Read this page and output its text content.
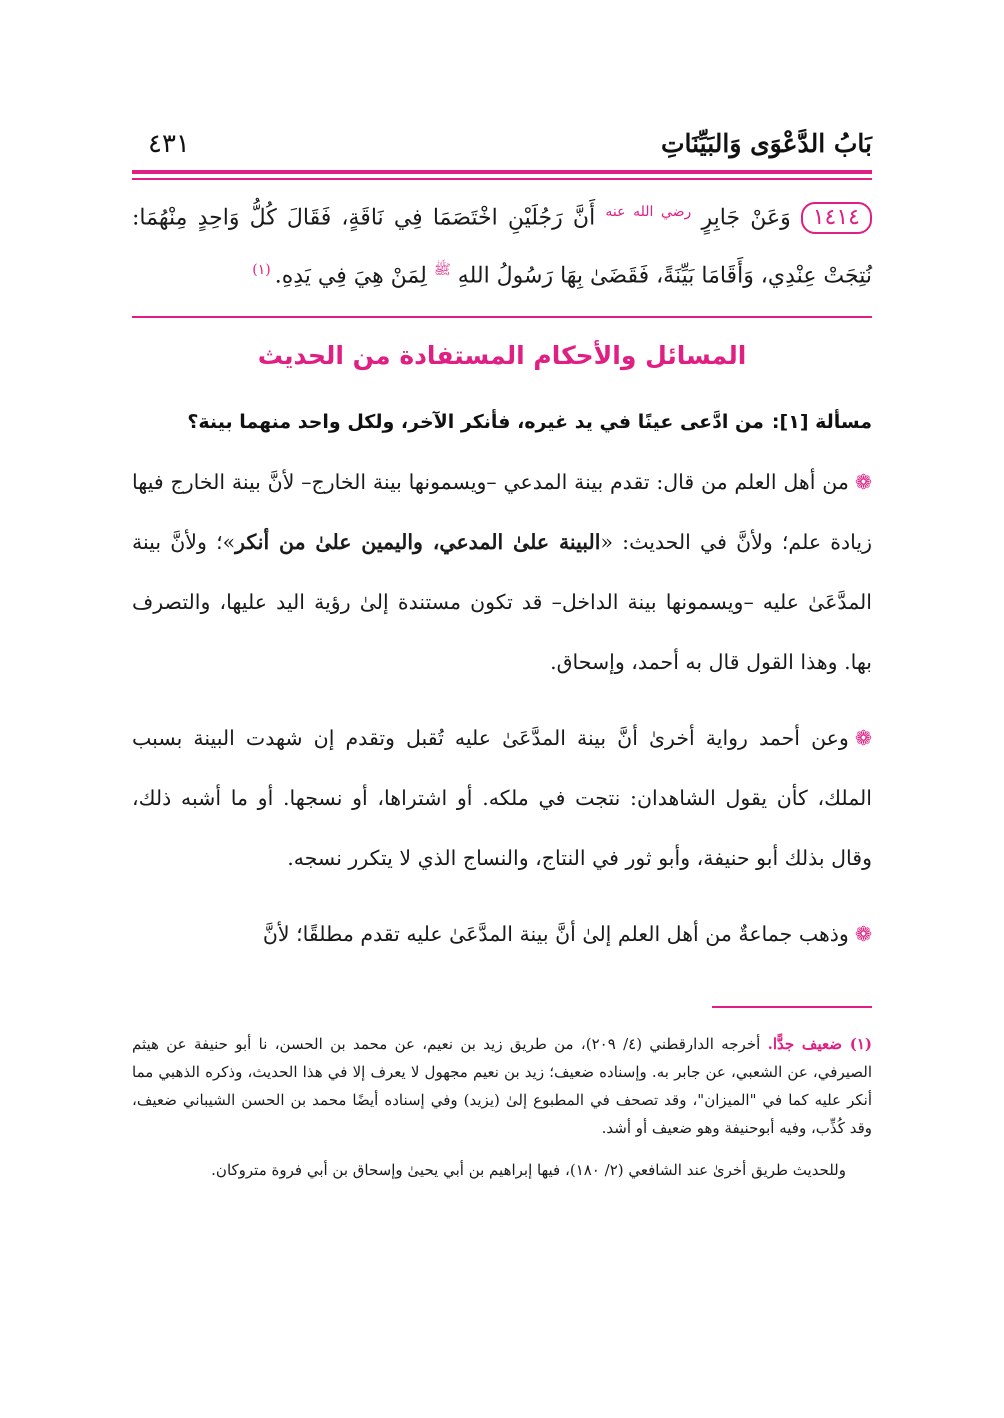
بَابُ الدَّعْوَى وَالبَيِّنَاتِ
٤٣١
١٤١٤وَعَنْ جَابِرٍ $^{رضي الله عنه}$ أَنَّ رَجُلَيْنِ اخْتَصَمَا فِي نَاقَةٍ، فَقَالَ كُلُّ وَاحِدٍ مِنْهُمَا: نُتِجَتْ عِنْدِي، وَأَقَامَا بَيِّنَةً، فَقَضَىٰ بِهَا رَسُولُ اللهِ $^ﷺ$ لِمَنْ هِيَ فِي يَدِهِ.$^{(١)}$
المسائل والأحكام المستفادة من الحديث
مسألة [١]:من ادَّعى عينًا في يد غيره، فأنكر الآخر، ولكل واحد منهما بينة؟

❁من أهل العلم من قال: تقدم بينة المدعي –ويسمونها بينة الخارج– لأنَّ بينة الخارج فيها زيادة علم؛ ولأنَّ في الحديث: «البينة علىٰ المدعي، واليمين علىٰ من أنكر»؛ ولأنَّ بينة المدَّعَىٰ عليه –ويسمونها بينة الداخل– قد تكون مستندة إلىٰ رؤية اليد عليها، والتصرف بها. وهذا القول قال به أحمد، وإسحاق.

❁وعن أحمد رواية أخرىٰ أنَّ بينة المدَّعَىٰ عليه تُقبل وتقدم إن شهدت البينة بسبب الملك، كأن يقول الشاهدان: نتجت في ملكه. أو اشتراها، أو نسجها. أو ما أشبه ذلك، وقال بذلك أبو حنيفة، وأبو ثور في النتاج، والنساج الذي لا يتكرر نسجه.

❁وذهب جماعةٌ من أهل العلم إلىٰ أنَّ بينة المدَّعَىٰ عليه تقدم مطلقًا؛ لأنَّ

(١) ضعيف جدًّا. أخرجه الدارقطني (٤/ ٢٠٩)، من طريق زيد بن نعيم، عن محمد بن الحسن، نا أبو حنيفة عن هيثم الصيرفي، عن الشعبي، عن جابر به. وإسناده ضعيف؛ زيد بن نعيم مجهول لا يعرف إلا في هذا الحديث، وذكره الذهبي مما أنكر عليه كما في "الميزان"، وقد تصحف في المطبوع إلىٰ (يزيد) وفي إسناده أيضًا محمد بن الحسن الشيباني ضعيف، وقد كُذِّب، وفيه أبوحنيفة وهو ضعيف أو أشد.

وللحديث طريق أخرىٰ عند الشافعي (٢/ ١٨٠)، فيها إبراهيم بن أبي يحيىٰ وإسحاق بن أبي فروة متروكان.
